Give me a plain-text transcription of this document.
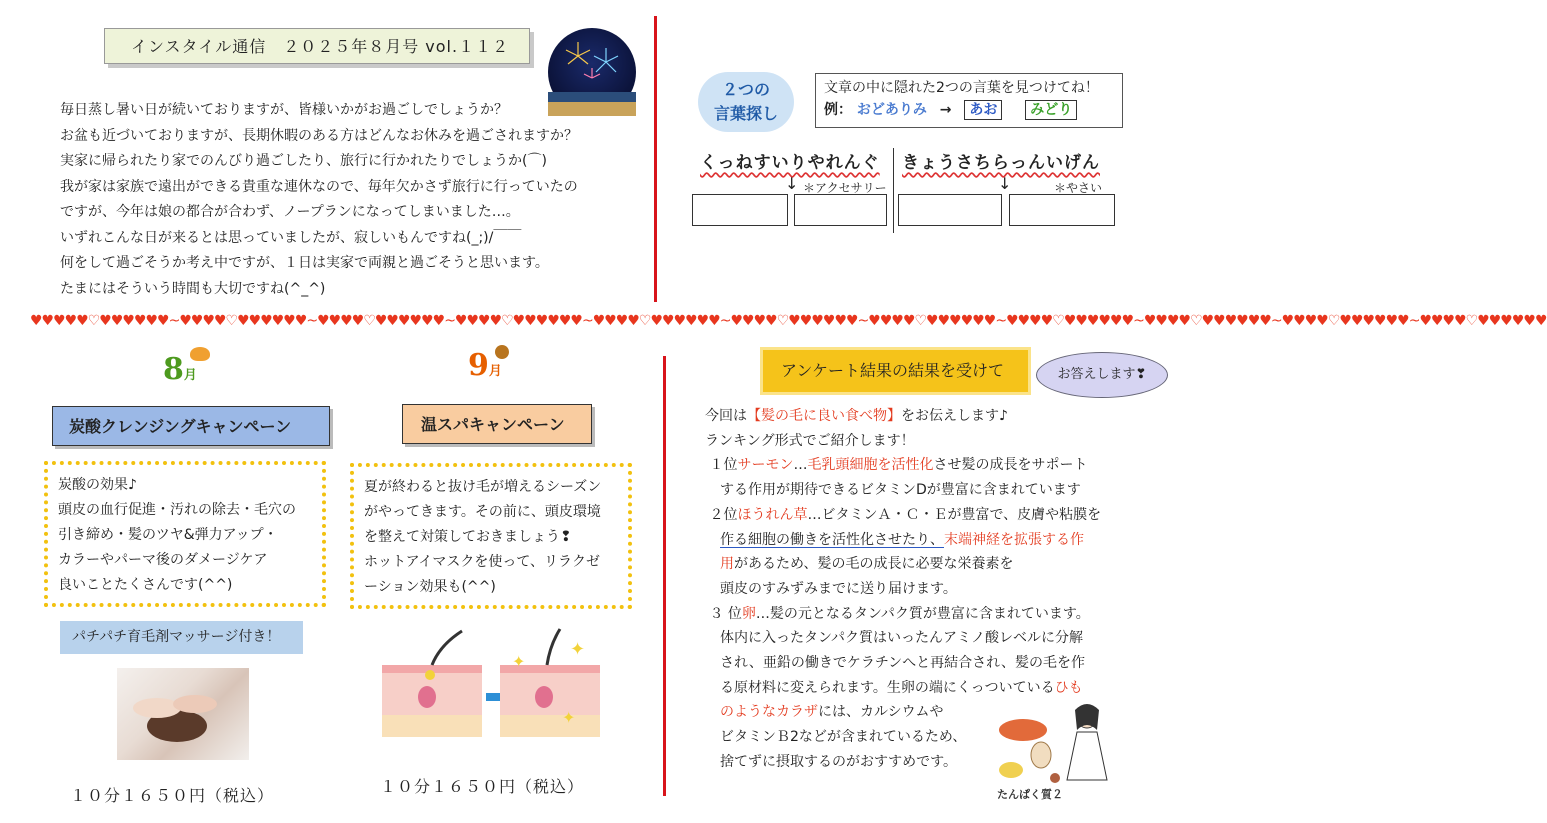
インスタイル通信　２０２５年８月号 vol.１１２
毎日蒸し暑い日が続いておりますが、皆様いかがお過ごしでしょうか？
お盆も近づいておりますが、長期休暇のある方はどんなお休みを過ごされますか？
実家に帰られたり家でのんびり過ごしたり、旅行に行かれたりでしょうか(⌒)
我が家は家族で遠出ができる貴重な連休なので、毎年欠かさず旅行に行っていたの
ですが、今年は娘の都合が合わず、ノープランになってしまいました…。
いずれこんな日が来るとは思っていましたが、寂しいもんですね(_;)/￣￣
何をして過ごそうか考え中ですが、１日は実家で両親と過ごそうと思います。
たまにはそういう時間も大切ですね(^_^)
２つの
言葉探し
文章の中に隠れた2つの言葉を見つけてね！
例： おどありみ → あお みどり
くっねすいりやれんぐ きょうさちらっんいげん
↓ ＊アクセサリー	↓	＊やさい
♥♥♥♥♥♡♥♥♥♥♥♥~♥♥♥♥♡♥♥♥♥♥♥~♥♥♥♥♡♥♥♥♥♥♥~♥♥♥♥♡♥♥♥♥♥♥~♥♥♥♥♡♥♥♥♥♥♥~♥♥♥♥♡♥♥♥♥♥♥~♥♥♥♥♡♥♥♥♥♥♥~♥♥♥♥♡♥♥♥♥♥♥~♥♥♥♥♡♥♥♥♥♥♥~♥♥♥♥♡♥♥♥♥♥♥~♥♥♥♥♡♥♥♥♥♥♥
8月
炭酸クレンジングキャンペーン
炭酸の効果♪
頭皮の血行促進・汚れの除去・毛穴の
引き締め・髪のツヤ&弾力アップ・
カラーやパーマ後のダメージケア
良いことたくさんです(^^)
パチパチ育毛剤マッサージ付き！
１０分１６５０円（税込）
9月
温スパキャンペーン
夏が終わると抜け毛が増えるシーズン
がやってきます。その前に、頭皮環境
を整えて対策しておきましょう❢
ホットアイマスクを使って、リラクゼ
ーション効果も(^^)
✦
✦
✦
１０分１６５０円（税込）
アンケート結果の結果を受けて	お答えします❣
今回は【髪の毛に良い食べ物】をお伝えします♪
ランキング形式でご紹介します！
１位サーモン…毛乳頭細胞を活性化させ髪の成長をサポート
する作用が期待できるビタミンDが豊富に含まれています
２位ほうれん草…ビタミンＡ・Ｃ・Ｅが豊富で、皮膚や粘膜を
作る細胞の働きを活性化させたり、末端神経を拡張する作
用があるため、髪の毛の成長に必要な栄養素を
頭皮のすみずみまでに送り届けます。
３ 位卵…髪の元となるタンパク質が豊富に含まれています。
体内に入ったタンパク質はいったんアミノ酸レベルに分解
され、亜鉛の働きでケラチンへと再結合され、髪の毛を作
る原材料に変えられます。生卵の端にくっついているひも
のようなカラザには、カルシウムや
ビタミンＢ2などが含まれているため、
捨てずに摂取するのがおすすめです。
たんぱく質２
